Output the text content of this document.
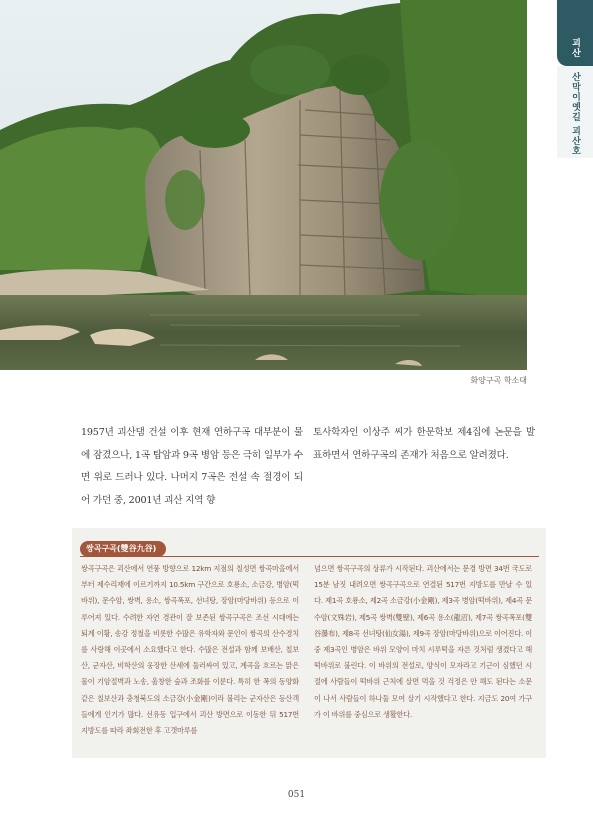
화양구곡 학소대
괴산
산막이옛길 괴산호
1957년 괴산댐 건설 이후 현재 연하구곡 대부분이 물에 잠겼으나, 1곡 탑암과 9곡 병암 등은 극히 일부가 수면 위로 드러나 있다. 나머지 7곡은 전설 속 절경이 되어 가던 중, 2001년 괴산 지역 향
토사학자인 이상주 씨가 한문학보 제4집에 논문을 발표하면서 연하구곡의 존재가 처음으로 알려졌다.
쌍곡구곡(雙谷九谷)
쌍곡구곡은 괴산에서 연풍 방향으로 12km 지점의 칠성면 쌍곡마을에서부터 제수리재에 이르기까지 10.5km 구간으로 호룡소, 소금강, 병암(떡바위), 문수암, 쌍벽, 용소, 쌍곡폭포, 선녀탕, 장암(마당바위) 등으로 이루어져 있다. 수려한 자연 경관이 잘 보존된 쌍곡구곡은 조선 시대에는 퇴계 이황, 송강 정철을 비롯한 수많은 유학자와 문인이 쌍곡의 산수경치를 사랑해 이곳에서 소요했다고 한다. 수많은 전설과 함께 보배산, 칠보산, 군자산, 비학산의 웅장한 산세에 둘러싸여 있고, 계곡을 흐르는 맑은 물이 기암절벽과 노송, 울창한 숲과 조화를 이룬다. 특히 한 폭의 동양화 같은 칠보산과 충청북도의 소금강(小金剛)이라 불리는 군자산은 등산객들에게 인기가 많다. 선유동 입구에서 괴산 방면으로 이동한 뒤 517번 지방도를 따라 좌회전한 후 고갯마루를
넘으면 쌍곡구곡의 상류가 시작된다. 괴산에서는 문경 방면 34번 국도로 15분 남짓 내려오면 쌍곡구곡으로 연결된 517번 지방도를 만날 수 있다. 제1곡 호룡소, 제2곡 소금강(小金剛), 제3곡 병암(떡바위), 제4곡 문수암(文殊岩), 제5곡 쌍벽(雙壁), 제6곡 용소(龍沼), 제7곡 쌍곡폭포(雙谷瀑布), 제8곡 선녀탕(仙女湯), 제9곡 장암(마당바위)으로 이어진다. 이 중 제3곡인 병암은 바위 모양이 마치 시루떡을 자른 것처럼 생겼다고 해 떡바위로 불린다. 이 바위의 전설로, 양식이 모자라고 기근이 심했던 시절에 사람들이 떡바위 근처에 살면 먹을 것 걱정은 안 해도 된다는 소문이 나서 사람들이 하나둘 모여 살기 시작했다고 한다. 지금도 20여 가구가 이 바위를 중심으로 생활한다.
051
